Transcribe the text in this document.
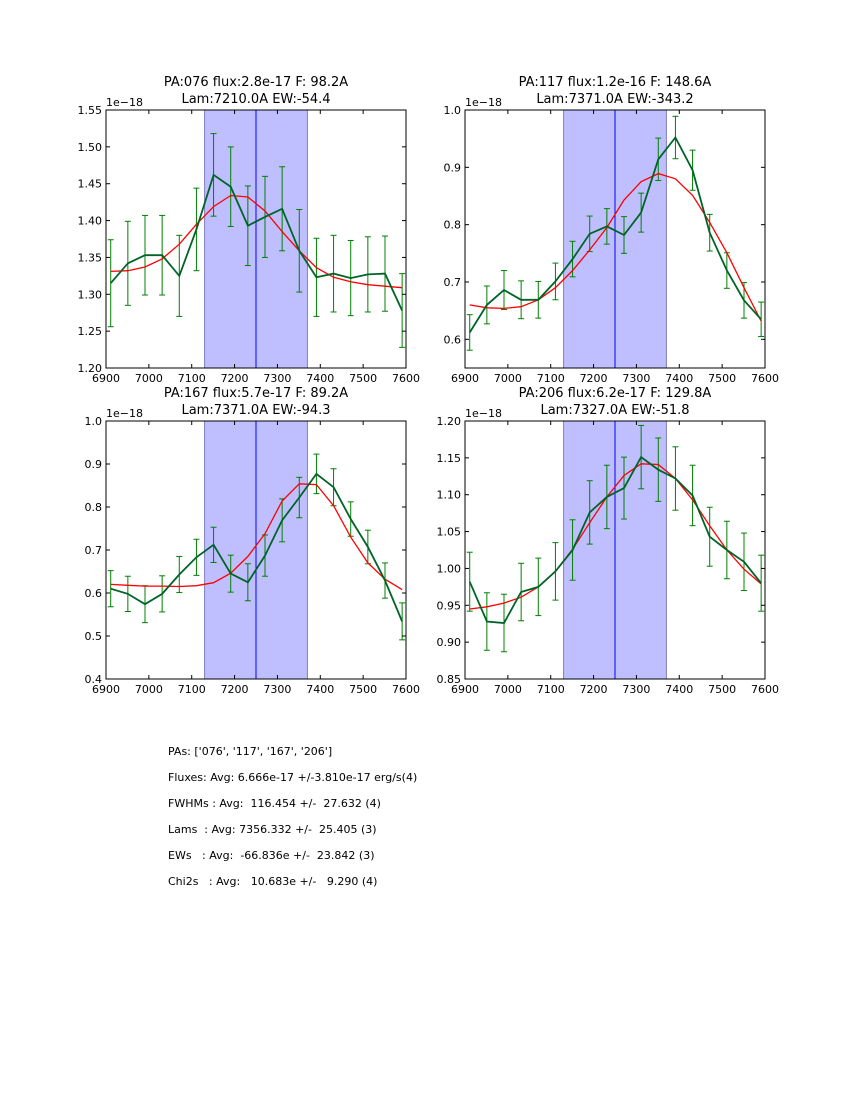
6900 7000 7100 7200 7300 7400 7500 7600
1.20
1.25
1.30
1.35
1.40
1.45
1.50
1.55
1e−18
PA:076 flux:2.8e-17 F: 98.2A
Lam:7210.0A EW:-54.4
6900 7000 7100 7200 7300 7400 7500 7600
0.6
0.7
0.8
0.9
1.0
1e−18
PA:117 flux:1.2e-16 F: 148.6A
Lam:7371.0A EW:-343.2
6900 7000 7100 7200 7300 7400 7500 7600
0.4
0.5
0.6
0.7
0.8
0.9
1.0
1e−18
PA:167 flux:5.7e-17 F: 89.2A
Lam:7371.0A EW:-94.3
6900 7000 7100 7200 7300 7400 7500 7600
0.85
0.90
0.95
1.00
1.05
1.10
1.15
1.20
1e−18
PA:206 flux:6.2e-17 F: 129.8A
Lam:7327.0A EW:-51.8
PAs: ['076', '117', '167', '206']
Fluxes: Avg: 6.666e-17 +/-3.810e-17 erg/s(4)
FWHMs : Avg:  116.454 +/-  27.632 (4)
Lams  : Avg: 7356.332 +/-  25.405 (3)
EWs   : Avg:  -66.836e +/-  23.842 (3)
Chi2s   : Avg:   10.683e +/-   9.290 (4)
